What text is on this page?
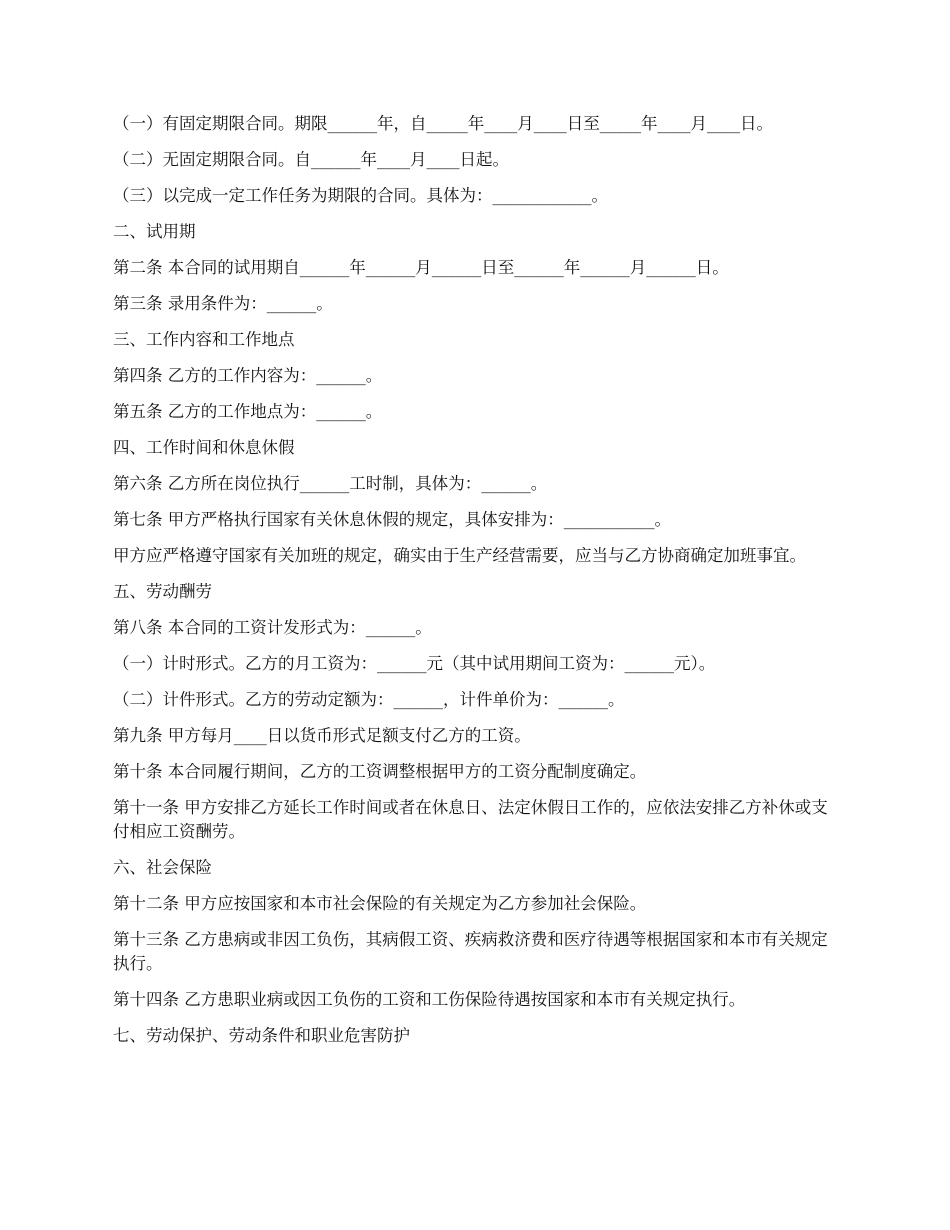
（一）有固定期限合同。期限______年，自_____年____月____日至_____年____月____日。

（二）无固定期限合同。自______年____月____日起。

（三）以完成一定工作任务为期限的合同。具体为：____________。

二、试用期

第二条 本合同的试用期自______年______月______日至______年______月______日。

第三条 录用条件为：______。

三、工作内容和工作地点

第四条 乙方的工作内容为：______。

第五条 乙方的工作地点为：______。

四、工作时间和休息休假

第六条 乙方所在岗位执行______工时制，具体为：______。

第七条 甲方严格执行国家有关休息休假的规定，具体安排为：___________。

甲方应严格遵守国家有关加班的规定，确实由于生产经营需要，应当与乙方协商确定加班事宜。

五、劳动酬劳

第八条 本合同的工资计发形式为：______。

（一）计时形式。乙方的月工资为：______元（其中试用期间工资为：______元）。

（二）计件形式。乙方的劳动定额为：______，计件单价为：______。

第九条 甲方每月____日以货币形式足额支付乙方的工资。

第十条 本合同履行期间，乙方的工资调整根据甲方的工资分配制度确定。

第十一条 甲方安排乙方延长工作时间或者在休息日、法定休假日工作的，应依法安排乙方补休或支付相应工资酬劳。

六、社会保险

第十二条 甲方应按国家和本市社会保险的有关规定为乙方参加社会保险。

第十三条 乙方患病或非因工负伤，其病假工资、疾病救济费和医疗待遇等根据国家和本市有关规定执行。

第十四条 乙方患职业病或因工负伤的工资和工伤保险待遇按国家和本市有关规定执行。

七、劳动保护、劳动条件和职业危害防护
